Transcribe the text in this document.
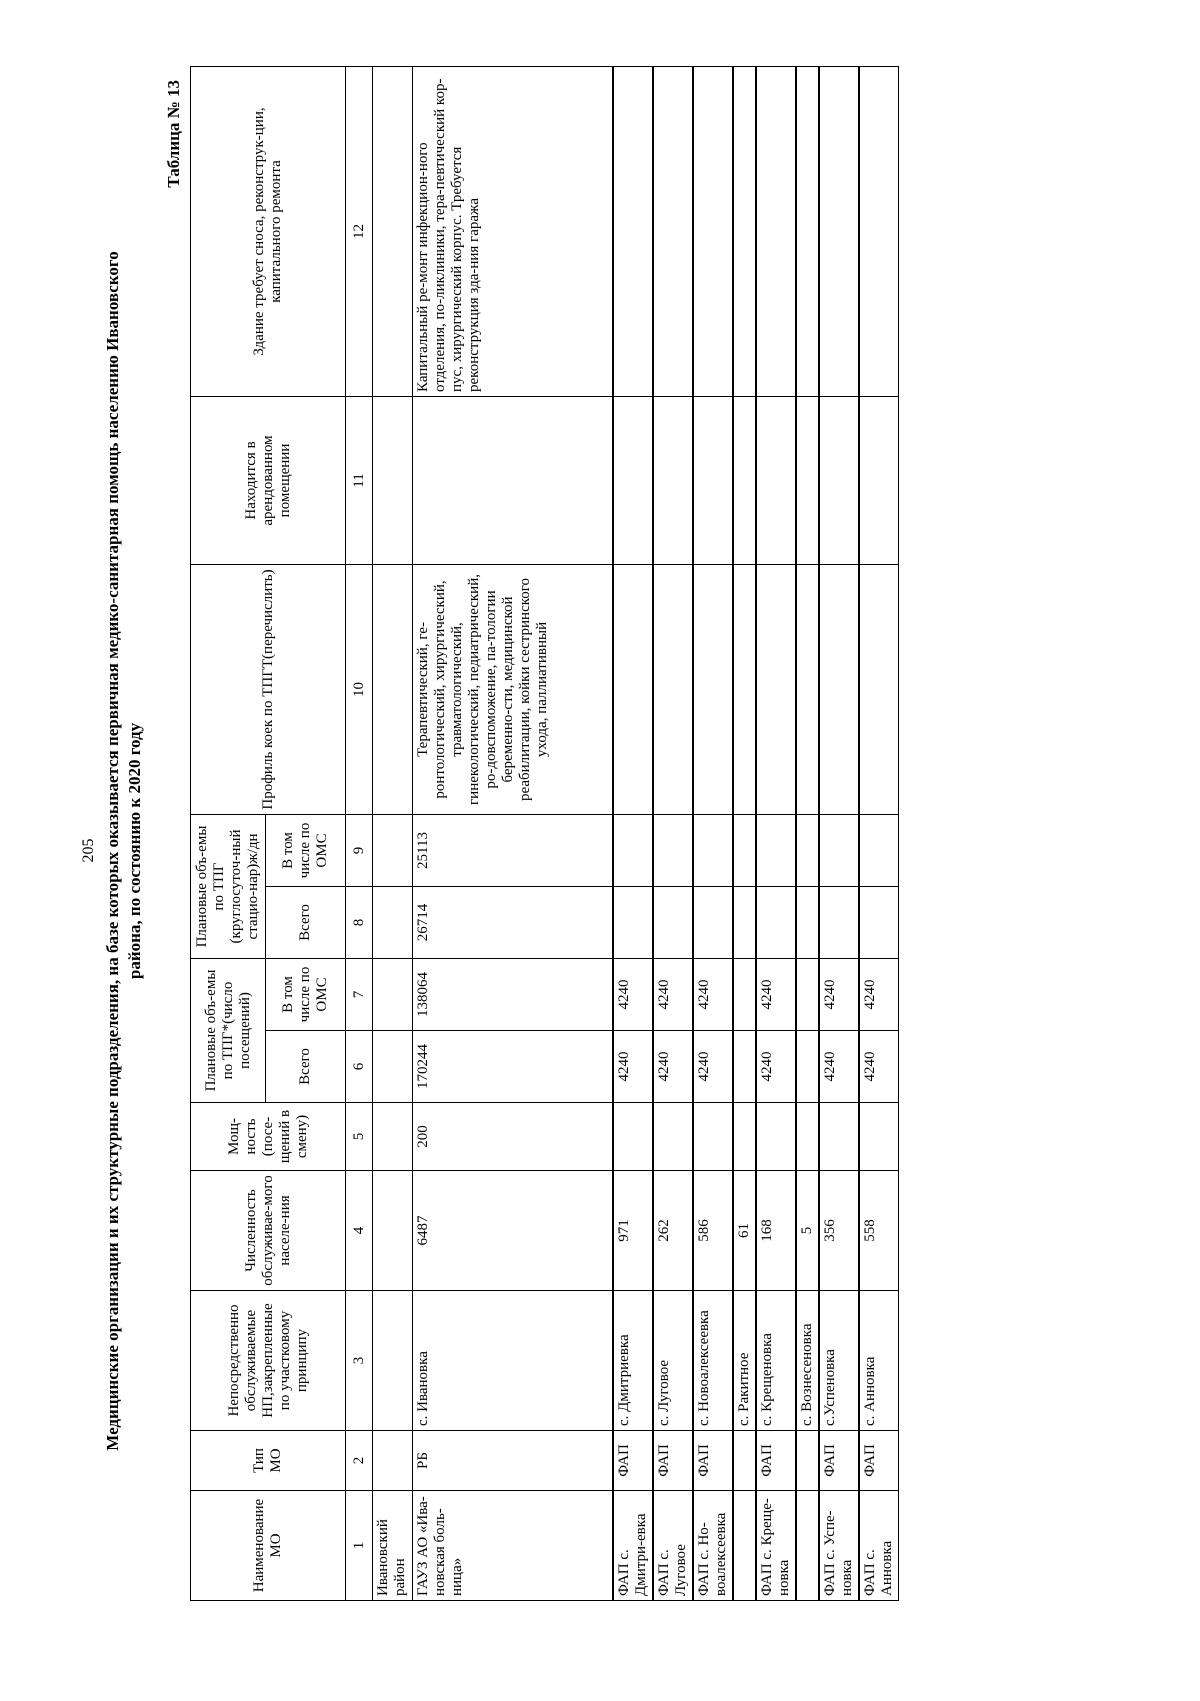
205 Медицинские организации и их структурные подразделения, на базе которых оказывается первичная медико-санитарная помощь населению Ивановского района, по состоянию к 2020 году
Таблица № 13
Наименование МО	Тип МО	Непосредственно обслуживаемые НП,закрепленные по участковому принципу	Численность обслуживае-мого населе-ния	Мощ-ность (посе-щений в смену)	Плановые объ-емы по ТПГ*(число посещений)		Плановые объ-емы по ТПГ (круглосуточ-ный стацио-нар)ж/дн		Профиль коек по ТПГТ(перечислить)	Находится в арендованном помещении	Здание требует сноса, реконструк-ции, капитального ремонта
					Всего	В том числе по ОМС	Всего	В том числе по ОМС			
1	2	3	4	5	6	7	8	9	10	11	12
Ивановский район											
ГАУЗ АО «Ива-новская боль-ница»	РБ	с. Ивановка	6487	200	170244	138064	26714	25113	Терапевтический, ге-ронтологический, хирургический, травматологический, гинекологический, педиатрический, ро-довспоможение, па-тологии беременно-сти, медицинской реабилитации, койки сестринского ухода, паллиативный		Капитальный ре-монт инфекцион-ного отделения, по-ликлиники, тера-певтический кор-пус, хирургический корпус. Требуется реконструкция зда-ния гаража
ФАП с. Дмитри-евка	ФАП	с. Дмитриевка	971		4240	4240					
ФАП с. Луговое	ФАП	с. Луговое	262		4240	4240					
ФАП с. Но-воалексеевка	ФАП	с. Новоалексеевка	586		4240	4240					
		с. Ракитное	61								
ФАП с. Креще-новка	ФАП	с. Крещеновка	168		4240	4240					
		с. Вознесеновка	5								
ФАП с. Успе-новка	ФАП	с.Успеновка	356		4240	4240					
ФАП с. Анновка	ФАП	с. Анновка	558		4240	4240					
